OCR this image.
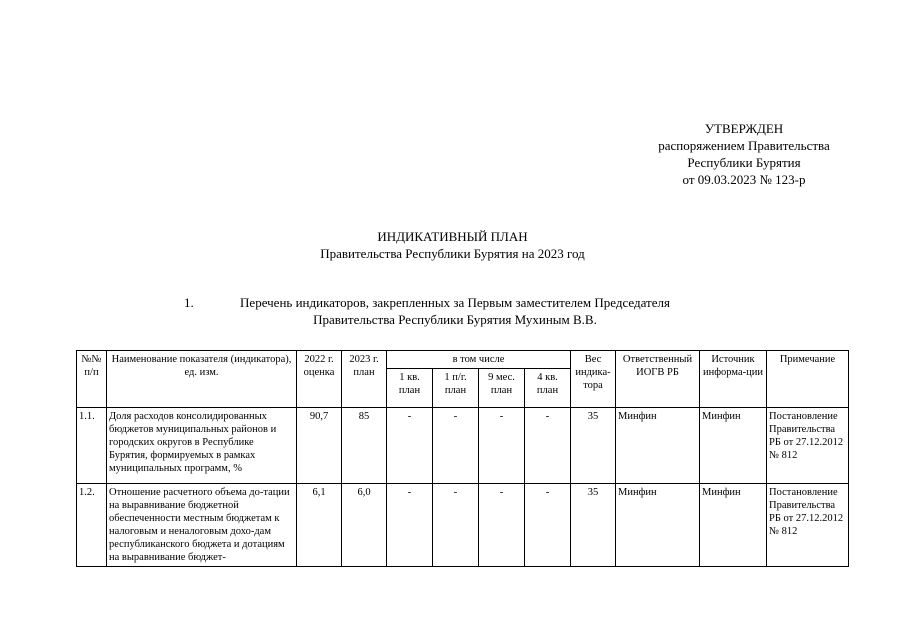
УТВЕРЖДЕН
распоряжением Правительства
Республики Бурятия
от 09.03.2023 № 123-р
ИНДИКАТИВНЫЙ ПЛАН
Правительства Республики Бурятия на 2023 год
1.	Перечень индикаторов, закрепленных за Первым заместителем Председателя
Правительства Республики Бурятия Мухиным В.В.
№№ п/п	Наименование показателя (индикатора), ед. изм.	2022 г. оценка	2023 г. план	в том числе				Вес индика-тора	Ответственный ИОГВ РБ	Источник информа-ции	Примечание
				1 кв. план	1 п/г. план	9 мес. план	4 кв. план				
1.1.	Доля расходов консолидированных бюджетов муниципальных районов и городских округов в Республике Бурятия, формируемых в рамках муниципальных программ, %	90,7	85	-	-	-	-	35	Минфин	Минфин	Постановление Правительства РБ от 27.12.2012 № 812
1.2.	Отношение расчетного объема до-тации на выравнивание бюджетной обеспеченности местным бюджетам к налоговым и неналоговым дохо-дам республиканского бюджета и дотациям на выравнивание бюджет-	6,1	6,0	-	-	-	-	35	Минфин	Минфин	Постановление Правительства РБ от 27.12.2012 № 812
